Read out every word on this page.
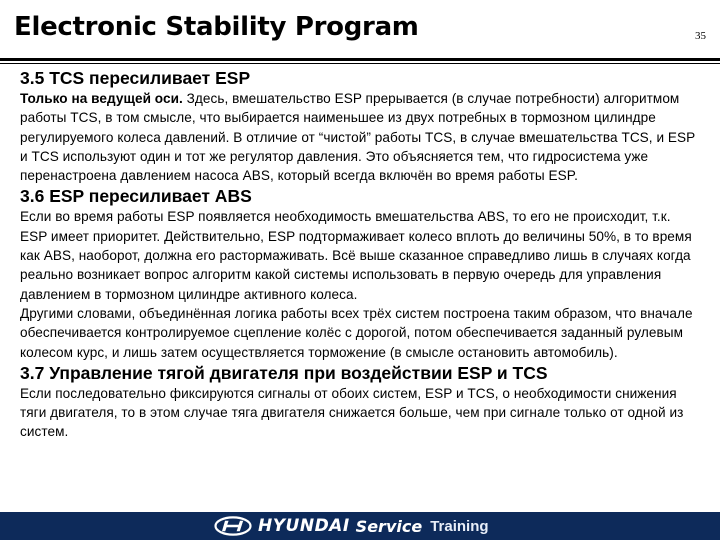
Electronic Stability Program	35
3.5 TCS пересиливает ESP

Только на ведущей оси. Здесь, вмешательство ESP прерывается (в случае потребности) алгоритмом работы TCS, в том смысле, что выбирается наименьшее из двух потребных в тормозном цилиндре регулируемого колеса давлений. В отличие от “чистой” работы TCS, в случае вмешательства TCS, и ESP и TCS используют один и тот же регулятор давления. Это объясняется тем, что гидросистема уже перенастроена давлением насоса ABS, который всегда включён во время работы ESP.

3.6 ESP пересиливает ABS

Если во время работы ESP появляется необходимость вмешательства ABS, то его не происходит, т.к. ESP имеет приоритет. Действительно, ESP подтормаживает колесо вплоть до величины 50%, в то время как ABS, наоборот, должна его растормаживать. Всё выше сказанное справедливо лишь в случаях когда реально возникает вопрос алгоритм какой системы использовать в первую очередь для управления давлением в тормозном цилиндре активного колеса.

Другими словами, объединённая логика работы всех трёх систем построена таким образом, что вначале обеспечивается контролируемое сцепление колёс с дорогой, потом обеспечивается заданный рулевым колесом курс, и лишь затем осуществляется торможение (в смысле остановить автомобиль).

3.7 Управление тягой двигателя при воздействии ESP и TCS

Если последовательно фиксируются сигналы от обоих систем, ESP и TCS, о необходимости снижения тяги двигателя, то в этом случае тяга двигателя снижается больше, чем при сигнале только от одной из систем.

HYUNDAI Service Training
